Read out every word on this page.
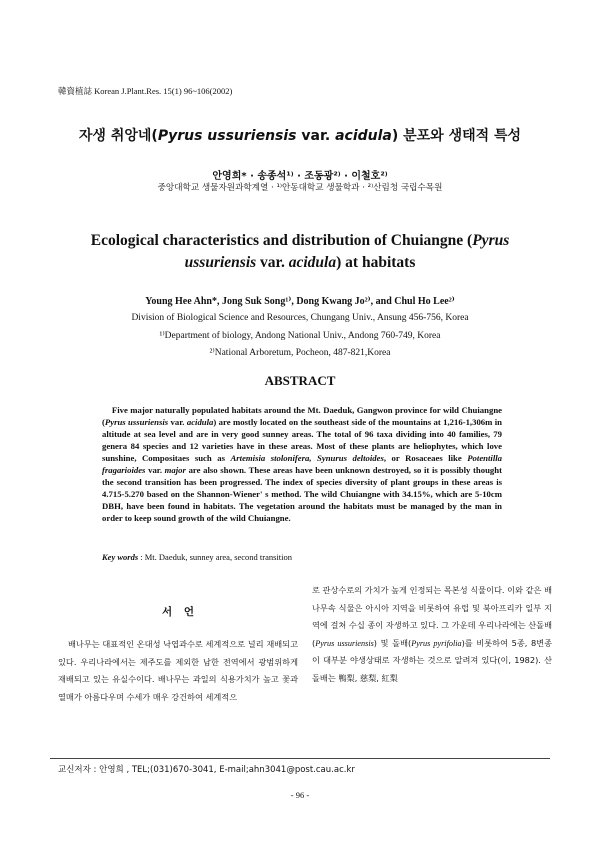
韓資植誌 Korean J.Plant.Res. 15(1) 96~106(2002)
자생 취앙네(Pyrus ussuriensis var. acidula) 분포와 생태적 특성
안영희* · 송종석¹⁾ · 조동광²⁾ · 이철호²⁾
중앙대학교 생물자원과학계열 · ¹⁾안동대학교 생물학과 · ²⁾산림청 국립수목원
Ecological characteristics and distribution of Chuiangne (Pyrus
ussuriensis var. acidula) at habitats
Young Hee Ahn*, Jong Suk Song¹⁾, Dong Kwang Jo²⁾, and Chul Ho Lee²⁾
Division of Biological Science and Resources, Chungang Univ., Ansung 456-756, Korea
¹⁾Department of biology, Andong National Univ., Andong 760-749, Korea
²⁾National Arboretum, Pocheon, 487-821,Korea
ABSTRACT
Five major naturally populated habitats around the Mt. Daeduk, Gangwon province for wild Chuiangne (Pyrus ussuriensis var. acidula) are mostly located on the southeast side of the mountains at 1,216-1,306m in altitude at sea level and are in very good sunney areas. The total of 96 taxa dividing into 40 families, 79 genera 84 species and 12 varieties have in these areas. Most of these plants are heliophytes, which love sunshine, Compositaes such as Artemisia stolonifera, Synurus deltoides, or Rosaceaes like Potentilla fragarioides var. major are also shown. These areas have been unknown destroyed, so it is possibly thought the second transition has been progressed. The index of species diversity of plant groups in these areas is 4.715-5.270 based on the Shannon-Wiener' s method. The wild Chuiangne with 34.15%, which are 5-10cm DBH, have been found in habitats. The vegetation around the habitats must be managed by the man in order to keep sound growth of the wild Chuiangne.
Key words : Mt. Daeduk, sunney area, second transition
서 언
배나무는 대표적인 온대성 낙엽과수로 세계적으로 널리 재배되고 있다. 우리나라에서는 제주도를 제외한 남한 전역에서 광범위하게 재배되고 있는 유실수이다. 배나무는 과일의 식용가치가 높고 꽃과 열매가 아름다우며 수세가 매우 강건하여 세계적으
로 관상수로의 가치가 높게 인정되는 목본성 식물이다. 이와 같은 배나무속 식물은 아시아 지역을 비롯하여 유럽 및 북아프리카 일부 지역에 걸쳐 수십 종이 자생하고 있다. 그 가운데 우리나라에는 산돌배(Pyrus ussuriensis) 및 돌배(Pyrus pyrifolia)를 비롯하여 5종, 8변종이 대부분 야생상태로 자생하는 것으로 알려져 있다(이, 1982). 산돌배는 鴨梨, 慈梨, 紅梨
교신저자 : 안영희 , TEL;(031)670-3041, E-mail;ahn3041@post.cau.ac.kr
- 96 -
